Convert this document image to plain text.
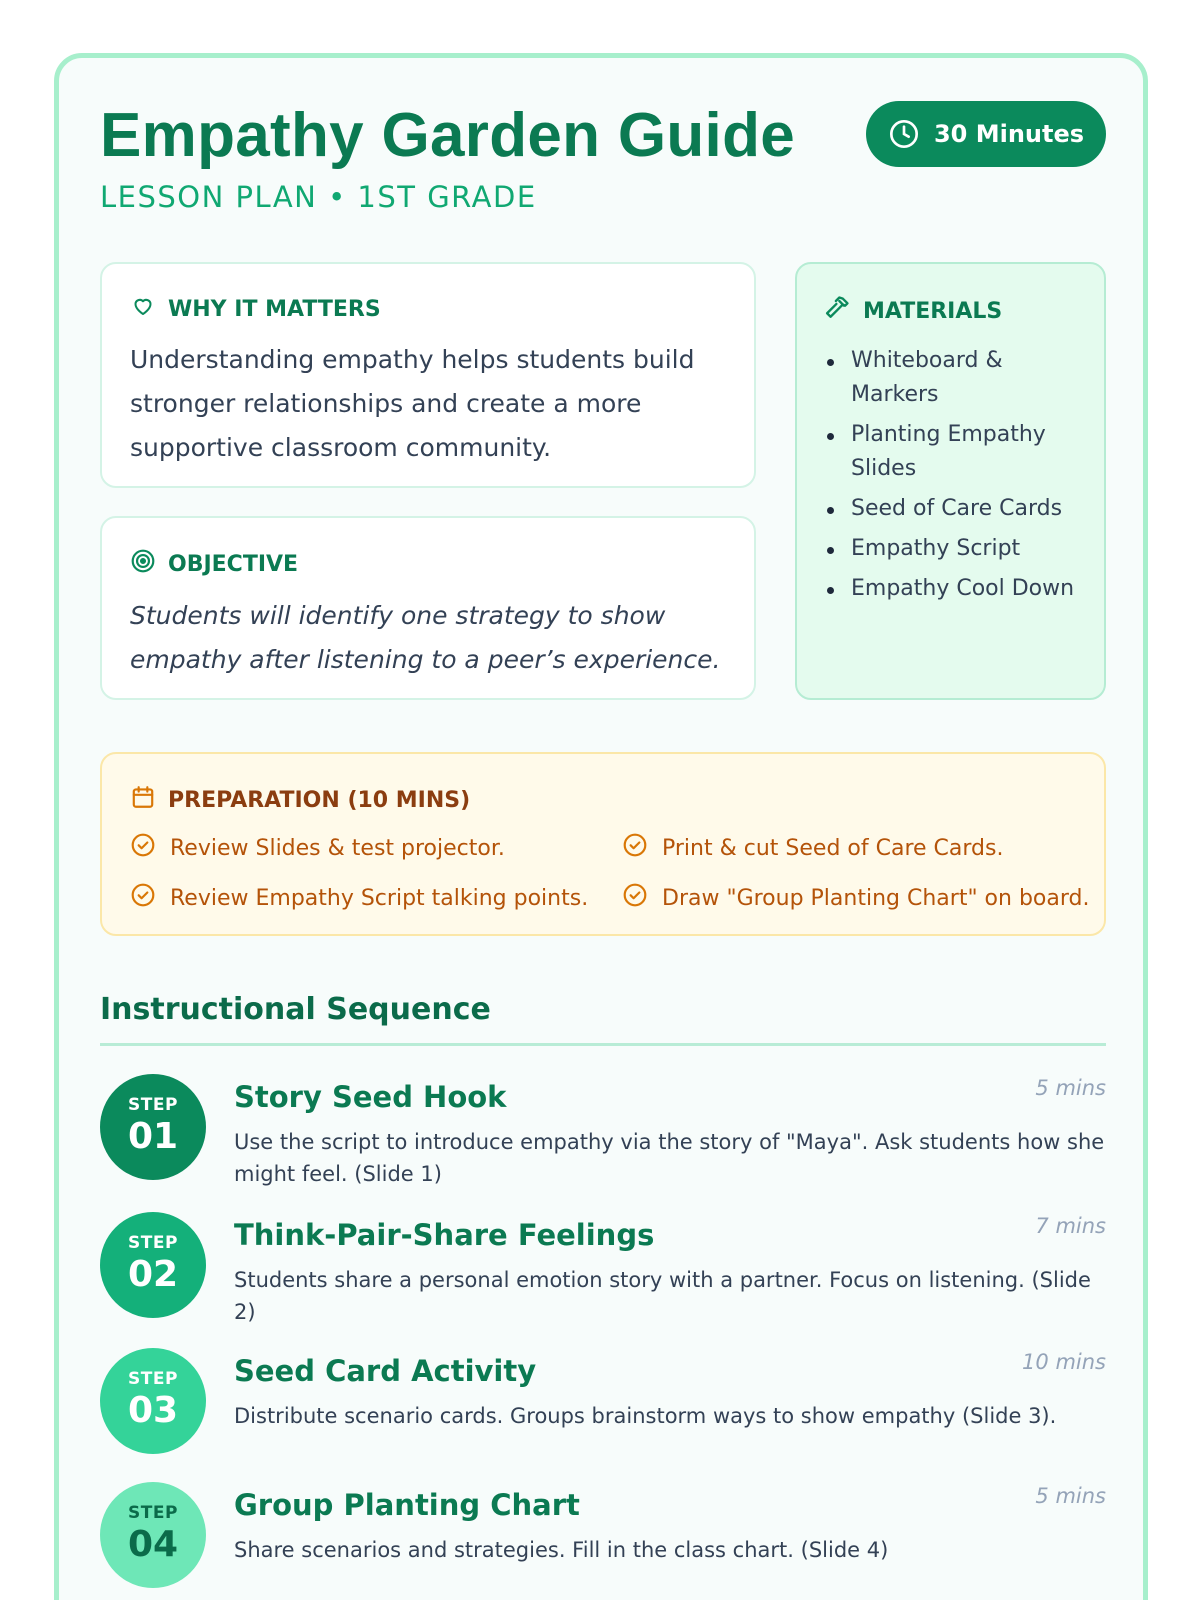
Empathy Garden Guide
LESSON PLAN • 1ST GRADE
30 Minutes
WHY IT MATTERS

Understanding empathy helps students build stronger relationships and create a more supportive classroom community.

OBJECTIVE

Students will identify one strategy to show empathy after listening to a peer’s experience.

MATERIALS
Whiteboard & Markers
Planting Empathy Slides
Seed of Care Cards
Empathy Script
Empathy Cool Down
PREPARATION (10 MINS)
Review Slides & test projector.	Print & cut Seed of Care Cards.
Review Empathy Script talking points.	Draw "Group Planting Chart" on board.
Instructional Sequence
STEP
01
Story Seed Hook	5 mins
Use the script to introduce empathy via the story of "Maya". Ask students how she might feel. (Slide 1)
STEP
02
Think-Pair-Share Feelings	7 mins
Students share a personal emotion story with a partner. Focus on listening. (Slide 2)
STEP
03
Seed Card Activity	10 mins
Distribute scenario cards. Groups brainstorm ways to show empathy (Slide 3).
STEP
04
Group Planting Chart	5 mins
Share scenarios and strategies. Fill in the class chart. (Slide 4)
